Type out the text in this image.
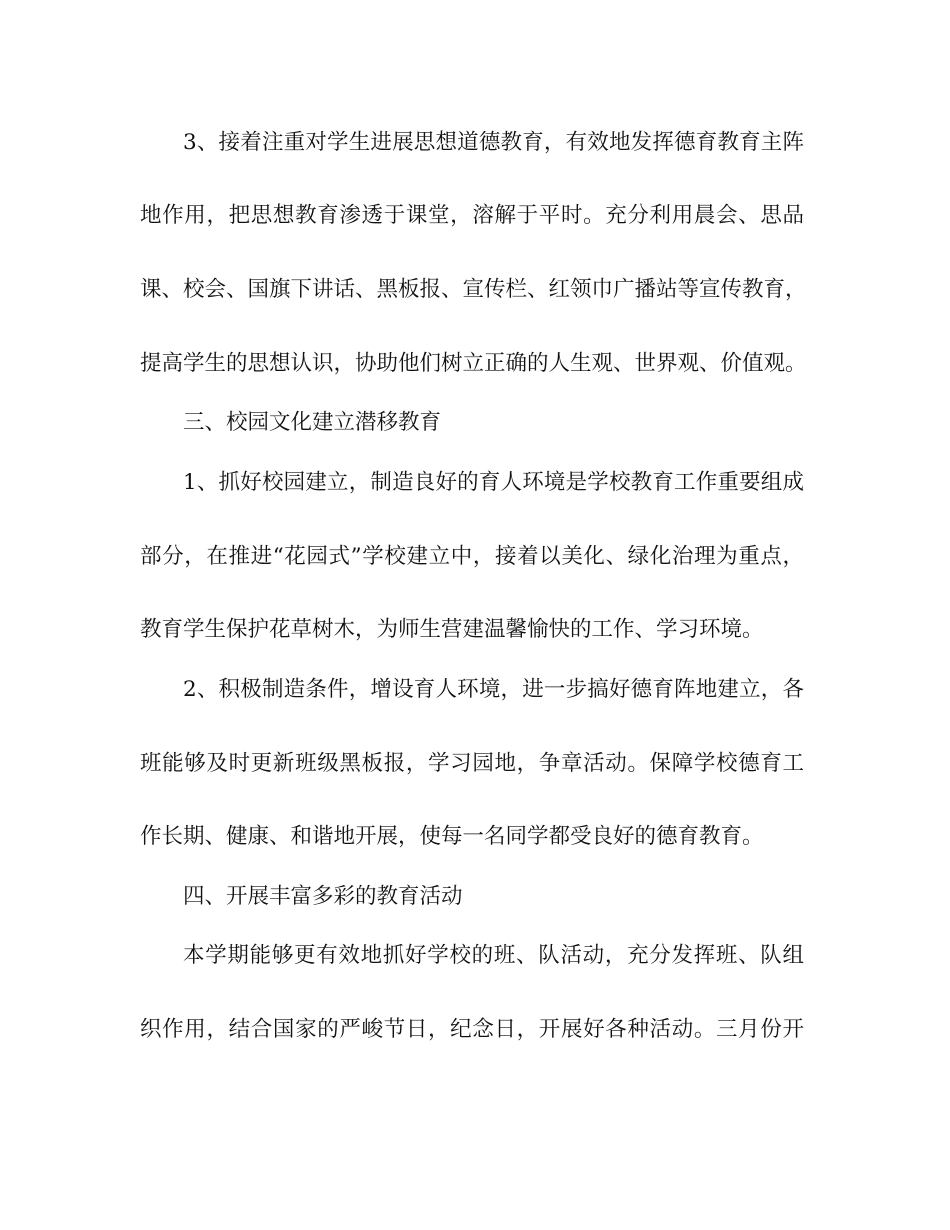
3、接着注重对学生进展思想道德教育，有效地发挥德育教育主阵
地作用，把思想教育渗透于课堂，溶解于平时。充分利用晨会、思品
课、校会、国旗下讲话、黑板报、宣传栏、红领巾广播站等宣传教育，
提高学生的思想认识，协助他们树立正确的人生观、世界观、价值观。
三、校园文化建立潜移教育
1、抓好校园建立，制造良好的育人环境是学校教育工作重要组成
部分，在推进“花园式”学校建立中，接着以美化、绿化治理为重点，
教育学生保护花草树木，为师生营建温馨愉快的工作、学习环境。
2、积极制造条件，增设育人环境，进一步搞好德育阵地建立，各
班能够及时更新班级黑板报，学习园地，争章活动。保障学校德育工
作长期、健康、和谐地开展，使每一名同学都受良好的德育教育。
四、开展丰富多彩的教育活动
本学期能够更有效地抓好学校的班、队活动，充分发挥班、队组
织作用，结合国家的严峻节日，纪念日，开展好各种活动。三月份开
